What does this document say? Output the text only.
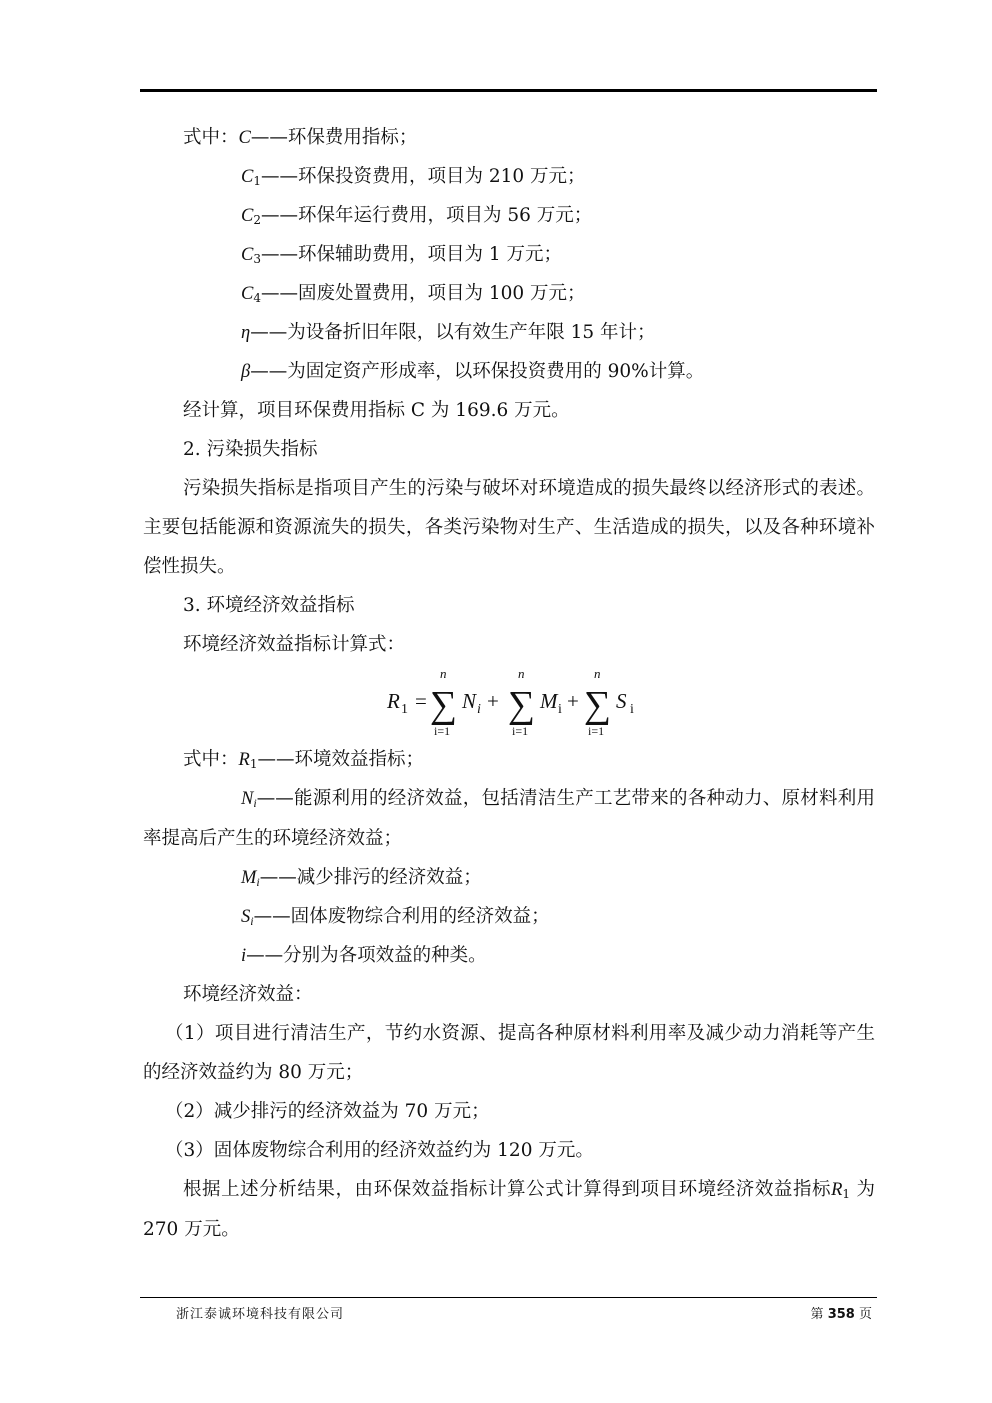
式中：C——环保费用指标；
$C_1——$环保投资费用，项目为 210 万元；
$C_2——$环保年运行费用，项目为 56 万元；
$C_3——$环保辅助费用，项目为 1 万元；
$C_4——$固废处置费用，项目为 100 万元；
η——为设备折旧年限，以有效生产年限 15 年计；
β——为固定资产形成率，以环保投资费用的 90%计算。
经计算，项目环保费用指标 C 为 169.6 万元。
2. 污染损失指标
污染损失指标是指项目产生的污染与破坏对环境造成的损失最终以经济形式的表述。主要包括能源和资源流失的损失，各类污染物对生产、生活造成的损失，以及各种环境补偿性损失。
3. 环境经济效益指标
环境经济效益指标计算式：
R 1 =
n
∑
i=1
N i +
n
∑
i=1
M i +
n
∑
i=1
S i
式中：$R_1——$环境效益指标；
$N_i——$能源利用的经济效益，包括清洁生产工艺带来的各种动力、原材料利用率提高后产生的环境经济效益；
$M_i——$减少排污的经济效益；
$S_i——$固体废物综合利用的经济效益；
i——分别为各项效益的种类。
环境经济效益：
（1）项目进行清洁生产，节约水资源、提高各种原材料利用率及减少动力消耗等产生的经济效益约为 80 万元；
（2）减少排污的经济效益为 70 万元；
（3）固体废物综合利用的经济效益约为 120 万元。
根据上述分析结果，由环保效益指标计算公式计算得到项目环境经济效益指标$R_1$ 为 270 万元。
浙江泰诚环境科技有限公司	第 358 页
